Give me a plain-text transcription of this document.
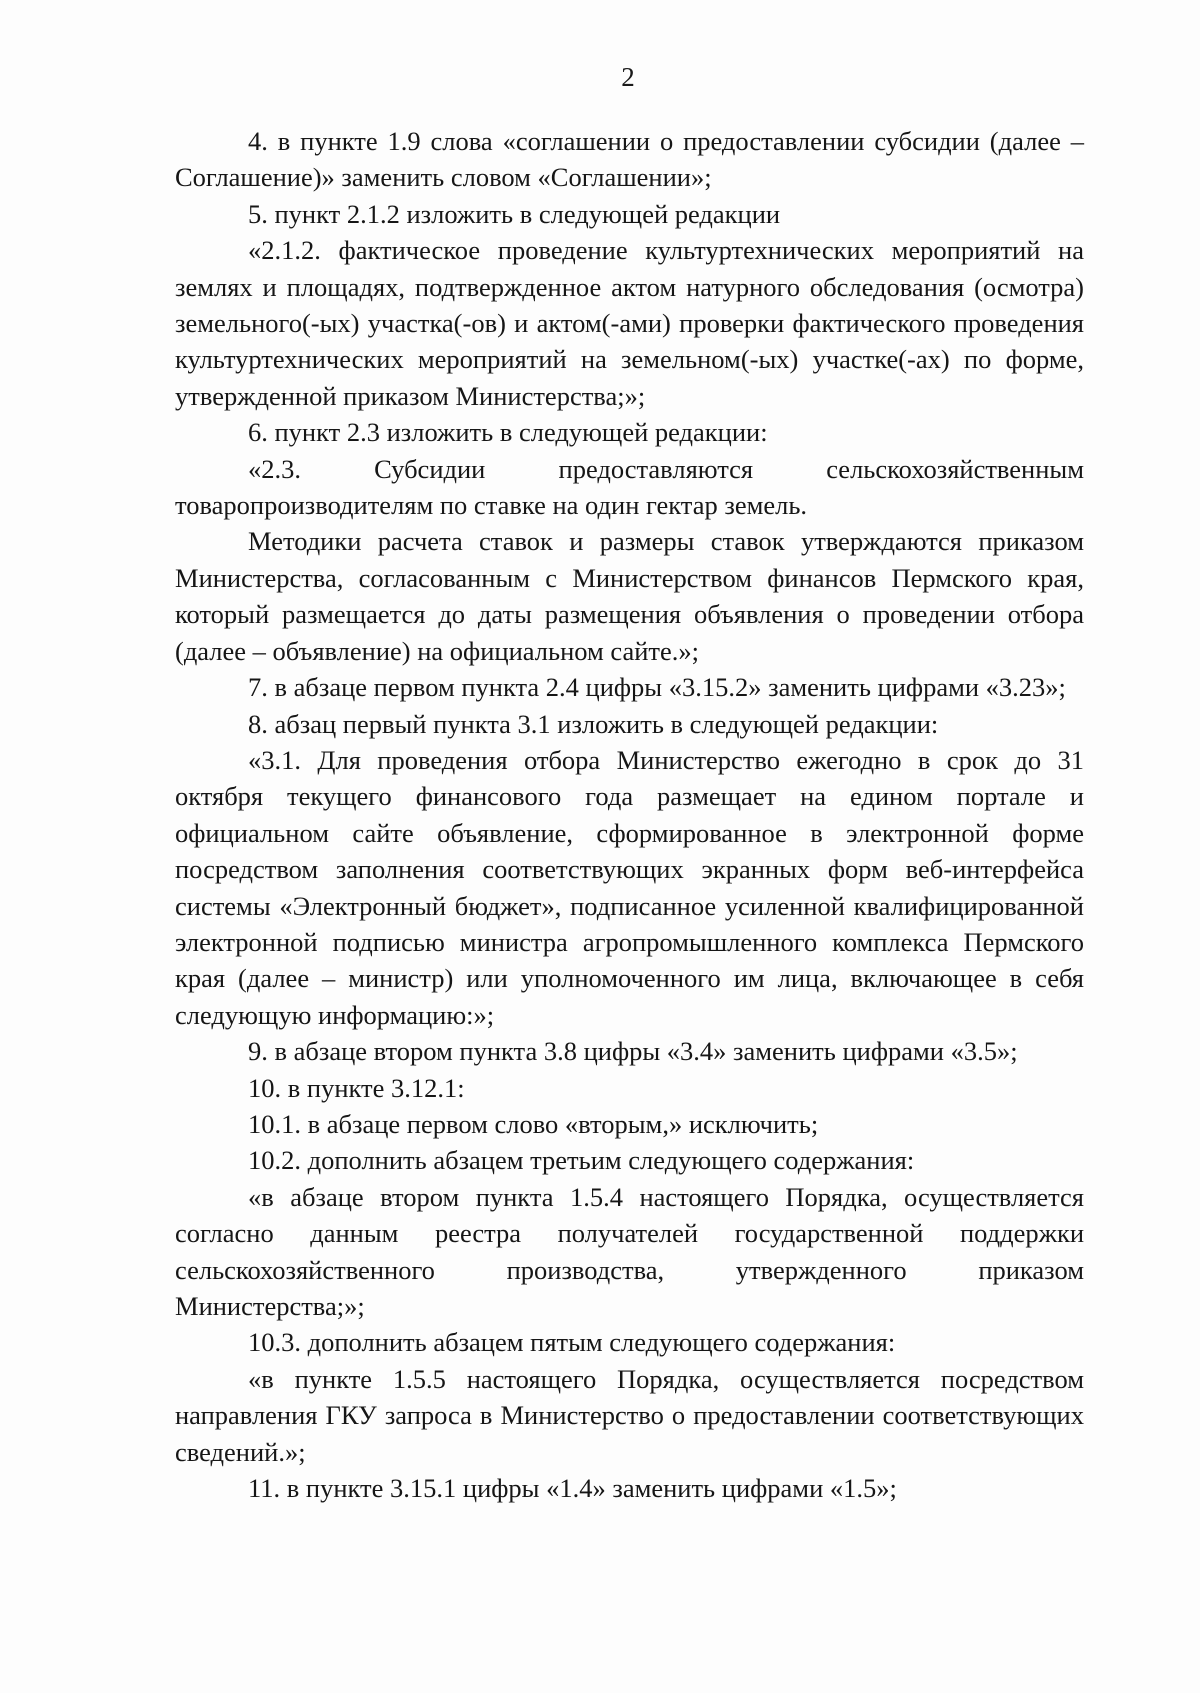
2

4. в пункте 1.9 слова «соглашении о предоставлении субсидии (далее – Соглашение)» заменить словом «Соглашении»;

5. пункт 2.1.2 изложить в следующей редакции

«2.1.2. фактическое проведение культуртехнических мероприятий на землях и площадях, подтвержденное актом натурного обследования (осмотра) земельного(-ых) участка(-ов) и актом(-ами) проверки фактического проведения культуртехнических мероприятий на земельном(-ых) участке(-ах) по форме, утвержденной приказом Министерства;»;

6. пункт 2.3 изложить в следующей редакции:

«2.3. Субсидии предоставляются сельскохозяйственным товаропроизводителям по ставке на один гектар земель.

Методики расчета ставок и размеры ставок утверждаются приказом Министерства, согласованным с Министерством финансов Пермского края, который размещается до даты размещения объявления о проведении отбора (далее – объявление) на официальном сайте.»;

7. в абзаце первом пункта 2.4 цифры «3.15.2» заменить цифрами «3.23»;

8. абзац первый пункта 3.1 изложить в следующей редакции:

«3.1. Для проведения отбора Министерство ежегодно в срок до 31 октября текущего финансового года размещает на едином портале и официальном сайте объявление, сформированное в электронной форме посредством заполнения соответствующих экранных форм веб-интерфейса системы «Электронный бюджет», подписанное усиленной квалифицированной электронной подписью министра агропромышленного комплекса Пермского края (далее – министр) или уполномоченного им лица, включающее в себя следующую информацию:»;

9. в абзаце втором пункта 3.8 цифры «3.4» заменить цифрами «3.5»;

10. в пункте 3.12.1:

10.1. в абзаце первом слово «вторым,» исключить;

10.2. дополнить абзацем третьим следующего содержания:

«в абзаце втором пункта 1.5.4 настоящего Порядка, осуществляется согласно данным реестра получателей государственной поддержки сельскохозяйственного производства, утвержденного приказом Министерства;»;

10.3. дополнить абзацем пятым следующего содержания:

«в пункте 1.5.5 настоящего Порядка, осуществляется посредством направления ГКУ запроса в Министерство о предоставлении соответствующих сведений.»;

11. в пункте 3.15.1 цифры «1.4» заменить цифрами «1.5»;
